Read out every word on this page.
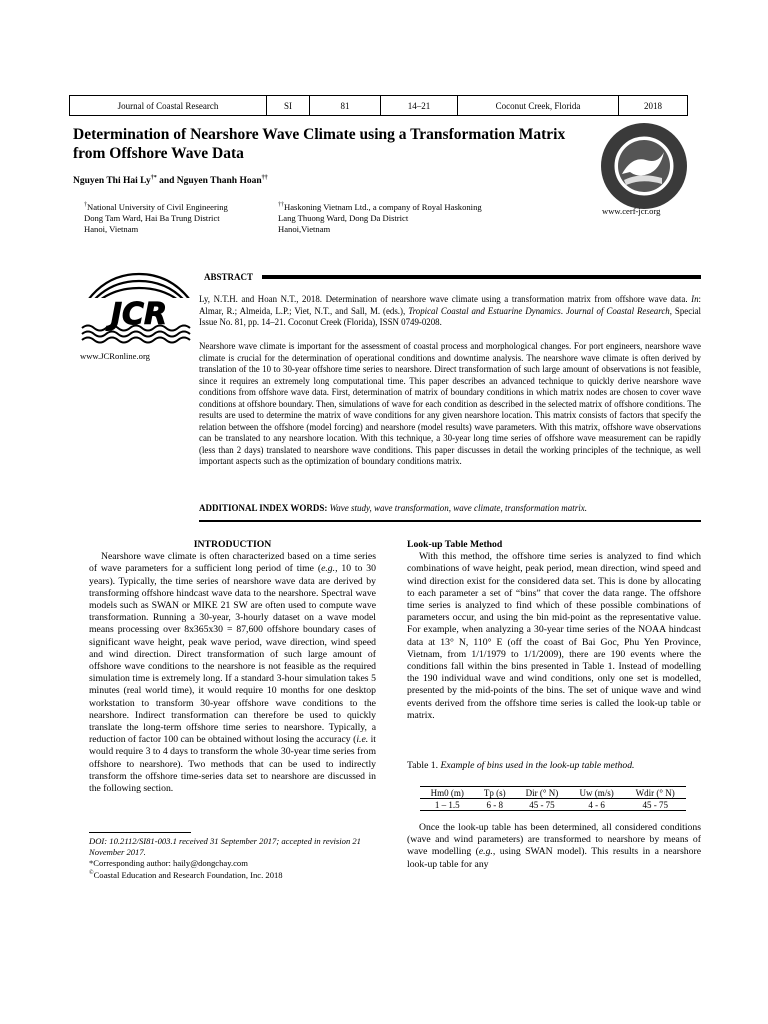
Journal of Coastal Research	SI	81	14–21	Coconut Creek, Florida	2018
Determination of Nearshore Wave Climate using a Transformation Matrix from Offshore Wave Data
Nguyen Thi Hai Ly†* and Nguyen Thanh Hoan††
†National University of Civil Engineering
Dong Tam Ward, Hai Ba Trung District
Hanoi, Vietnam
††Haskoning Vietnam Ltd., a company of Royal Haskoning
Lang Thuong Ward, Dong Da District
Hanoi,Vietnam
www.cerf-jcr.org
ABSTRACT
JCR
www.JCRonline.org
Ly, N.T.H. and Hoan N.T., 2018. Determination of nearshore wave climate using a transformation matrix from offshore wave data. In: Almar, R.; Almeida, L.P.; Viet, N.T., and Sall, M. (eds.), Tropical Coastal and Estuarine Dynamics. Journal of Coastal Research, Special Issue No. 81, pp. 14–21. Coconut Creek (Florida), ISSN 0749-0208.
Nearshore wave climate is important for the assessment of coastal process and morphological changes. For port engineers, nearshore wave climate is crucial for the determination of operational conditions and downtime analysis. The nearshore wave climate is often derived by translation of the 10 to 30-year offshore time series to nearshore. Direct transformation of such large amount of observations is not feasible, since it requires an extremely long computational time. This paper describes an advanced technique to quickly derive nearshore wave conditions from offshore wave data. First, determination of matrix of boundary conditions in which matrix nodes are chosen to cover wave conditions at offshore boundary. Then, simulations of wave for each condition as described in the selected matrix of offshore conditions. The results are used to determine the matrix of wave conditions for any given nearshore location. This matrix consists of factors that specify the relation between the offshore (model forcing) and nearshore (model results) wave parameters. With this matrix, offshore wave observations can be translated to any nearshore location. With this technique, a 30-year long time series of offshore wave measurement can be rapidly (less than 2 days) translated to nearshore wave conditions. This paper discusses in detail the working principles of the technique, as well important aspects such as the optimization of boundary conditions matrix.
ADDITIONAL INDEX WORDS: Wave study, wave transformation, wave climate, transformation matrix.
INTRODUCTION

Nearshore wave climate is often characterized based on a time series of wave parameters for a sufficient long period of time (e.g., 10 to 30 years). Typically, the time series of nearshore wave data are derived by transforming offshore hindcast wave data to the nearshore. Spectral wave models such as SWAN or MIKE 21 SW are often used to compute wave transformation. Running a 30-year, 3-hourly dataset on a wave model means processing over 8x365x30 = 87,600 offshore boundary cases of significant wave height, peak wave period, wave direction, wind speed and wind direction. Direct transformation of such large amount of offshore wave conditions to the nearshore is not feasible as the required simulation time is extremely long. If a standard 3-hour simulation takes 5 minutes (real world time), it would require 10 months for one desktop workstation to transform 30-year offshore wave conditions to the nearshore. Indirect transformation can therefore be used to quickly translate the long-term offshore time series to nearshore. Typically, a reduction of factor 100 can be obtained without losing the accuracy (i.e. it would require 3 to 4 days to transform the whole 30-year time series from offshore to nearshore). Two methods that can be used to indirectly transform the offshore time-series data set to nearshore are discussed in the following section.

DOI: 10.2112/SI81-003.1 received 31 September 2017; accepted in revision 21 November 2017.
*Corresponding author: haily@dongchay.com
©Coastal Education and Research Foundation, Inc. 2018
Look-up Table Method

With this method, the offshore time series is analyzed to find which combinations of wave height, peak period, mean direction, wind speed and wind direction exist for the considered data set. This is done by allocating to each parameter a set of “bins” that cover the data range. The offshore time series is analyzed to find which of these possible combinations of parameters occur, and using the bin mid-point as the representative value. For example, when analyzing a 30-year time series of the NOAA hindcast data at 13° N, 110° E (off the coast of Bai Goc, Phu Yen Province, Vietnam, from 1/1/1979 to 1/1/2009), there are 190 events where the conditions fall within the bins presented in Table 1. Instead of modelling the 190 individual wave and wind conditions, only one set is modelled, presented by the mid-points of the bins. The set of unique wave and wind events derived from the offshore time series is called the look-up table or matrix.

Table 1. Example of bins used in the look-up table method.
Hm0 (m)	Tp (s)	Dir (° N)	Uw (m/s)	Wdir (° N)
1 – 1.5	6 - 8	45 - 75	4 - 6	45 - 75

Once the look-up table has been determined, all considered conditions (wave and wind parameters) are transformed to nearshore by means of wave modelling (e.g., using SWAN model). This results in a nearshore look-up table for any
